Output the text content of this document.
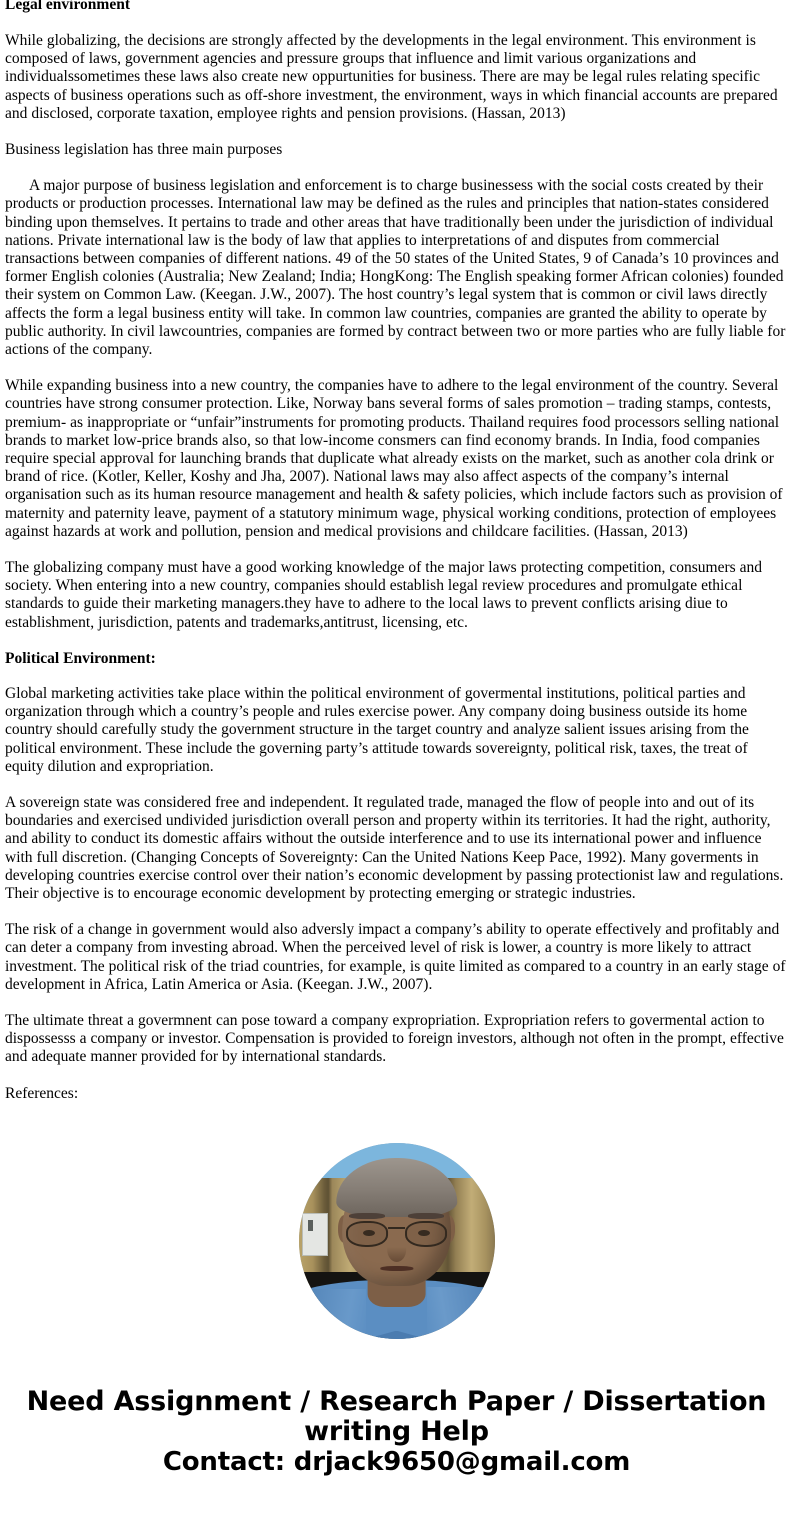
Legal environment

While globalizing, the decisions are strongly affected by the developments in the legal environment. This environment is composed of laws, government agencies and pressure groups that influence and limit various organizations and individualssometimes these laws also create new oppurtunities for business. There are may be legal rules relating specific aspects of business operations such as off-shore investment, the environment, ways in which financial accounts are prepared and disclosed, corporate taxation, employee rights and pension provisions. (Hassan, 2013)

Business legislation has three main purposes

A major purpose of business legislation and enforcement is to charge businessess with the social costs created by their products or production processes. International law may be defined as the rules and principles that nation-states considered binding upon themselves. It pertains to trade and other areas that have traditionally been under the jurisdiction of individual nations. Private international law is the body of law that applies to interpretations of and disputes from commercial transactions between companies of different nations. 49 of the 50 states of the United States, 9 of Canada’s 10 provinces and former English colonies (Australia; New Zealand; India; HongKong: The English speaking former African colonies) founded their system on Common Law. (Keegan. J.W., 2007). The host country’s legal system that is common or civil laws directly affects the form a legal business entity will take. In common law countries, companies are granted the ability to operate by public authority. In civil lawcountries, companies are formed by contract between two or more parties who are fully liable for actions of the company.

While expanding business into a new country, the companies have to adhere to the legal environment of the country. Several countries have strong consumer protection. Like, Norway bans several forms of sales promotion – trading stamps, contests, premium- as inappropriate or “unfair”instruments for promoting products. Thailand requires food processors selling national brands to market low-price brands also, so that low-income consmers can find economy brands. In India, food companies require special approval for launching brands that duplicate what already exists on the market, such as another cola drink or brand of rice. (Kotler, Keller, Koshy and Jha, 2007). National laws may also affect aspects of the company’s internal organisation such as its human resource management and health & safety policies, which include factors such as provision of maternity and paternity leave, payment of a statutory minimum wage, physical working conditions, protection of employees against hazards at work and pollution, pension and medical provisions and childcare facilities. (Hassan, 2013)

The globalizing company must have a good working knowledge of the major laws protecting competition, consumers and society. When entering into a new country, companies should establish legal review procedures and promulgate ethical standards to guide their marketing managers.they have to adhere to the local laws to prevent conflicts arising diue to establishment, jurisdiction, patents and trademarks,antitrust, licensing, etc.

Political Environment:

Global marketing activities take place within the political environment of govermental institutions, political parties and organization through which a country’s people and rules exercise power. Any company doing business outside its home country should carefully study the government structure in the target country and analyze salient issues arising from the political environment. These include the governing party’s attitude towards sovereignty, political risk, taxes, the treat of equity dilution and expropriation.

A sovereign state was considered free and independent. It regulated trade, managed the flow of people into and out of its boundaries and exercised undivided jurisdiction overall person and property within its territories. It had the right, authority, and ability to conduct its domestic affairs without the outside interference and to use its international power and influence with full discretion. (Changing Concepts of Sovereignty: Can the United Nations Keep Pace, 1992). Many goverments in developing countries exercise control over their nation’s economic development by passing protectionist law and regulations. Their objective is to encourage economic development by protecting emerging or strategic industries.

The risk of a change in government would also adversly impact a company’s ability to operate effectively and profitably and can deter a company from investing abroad. When the perceived level of risk is lower, a country is more likely to attract investment. The political risk of the triad countries, for example, is quite limited as compared to a country in an early stage of development in Africa, Latin America or Asia. (Keegan. J.W., 2007).

The ultimate threat a govermnent can pose toward a company expropriation. Expropriation refers to govermental action to dispossesss a company or investor. Compensation is provided to foreign investors, although not often in the prompt, effective and adequate manner provided for by international standards.

References:

Need Assignment / Research Paper / Dissertation
writing Help
Contact: drjack9650@gmail.com
